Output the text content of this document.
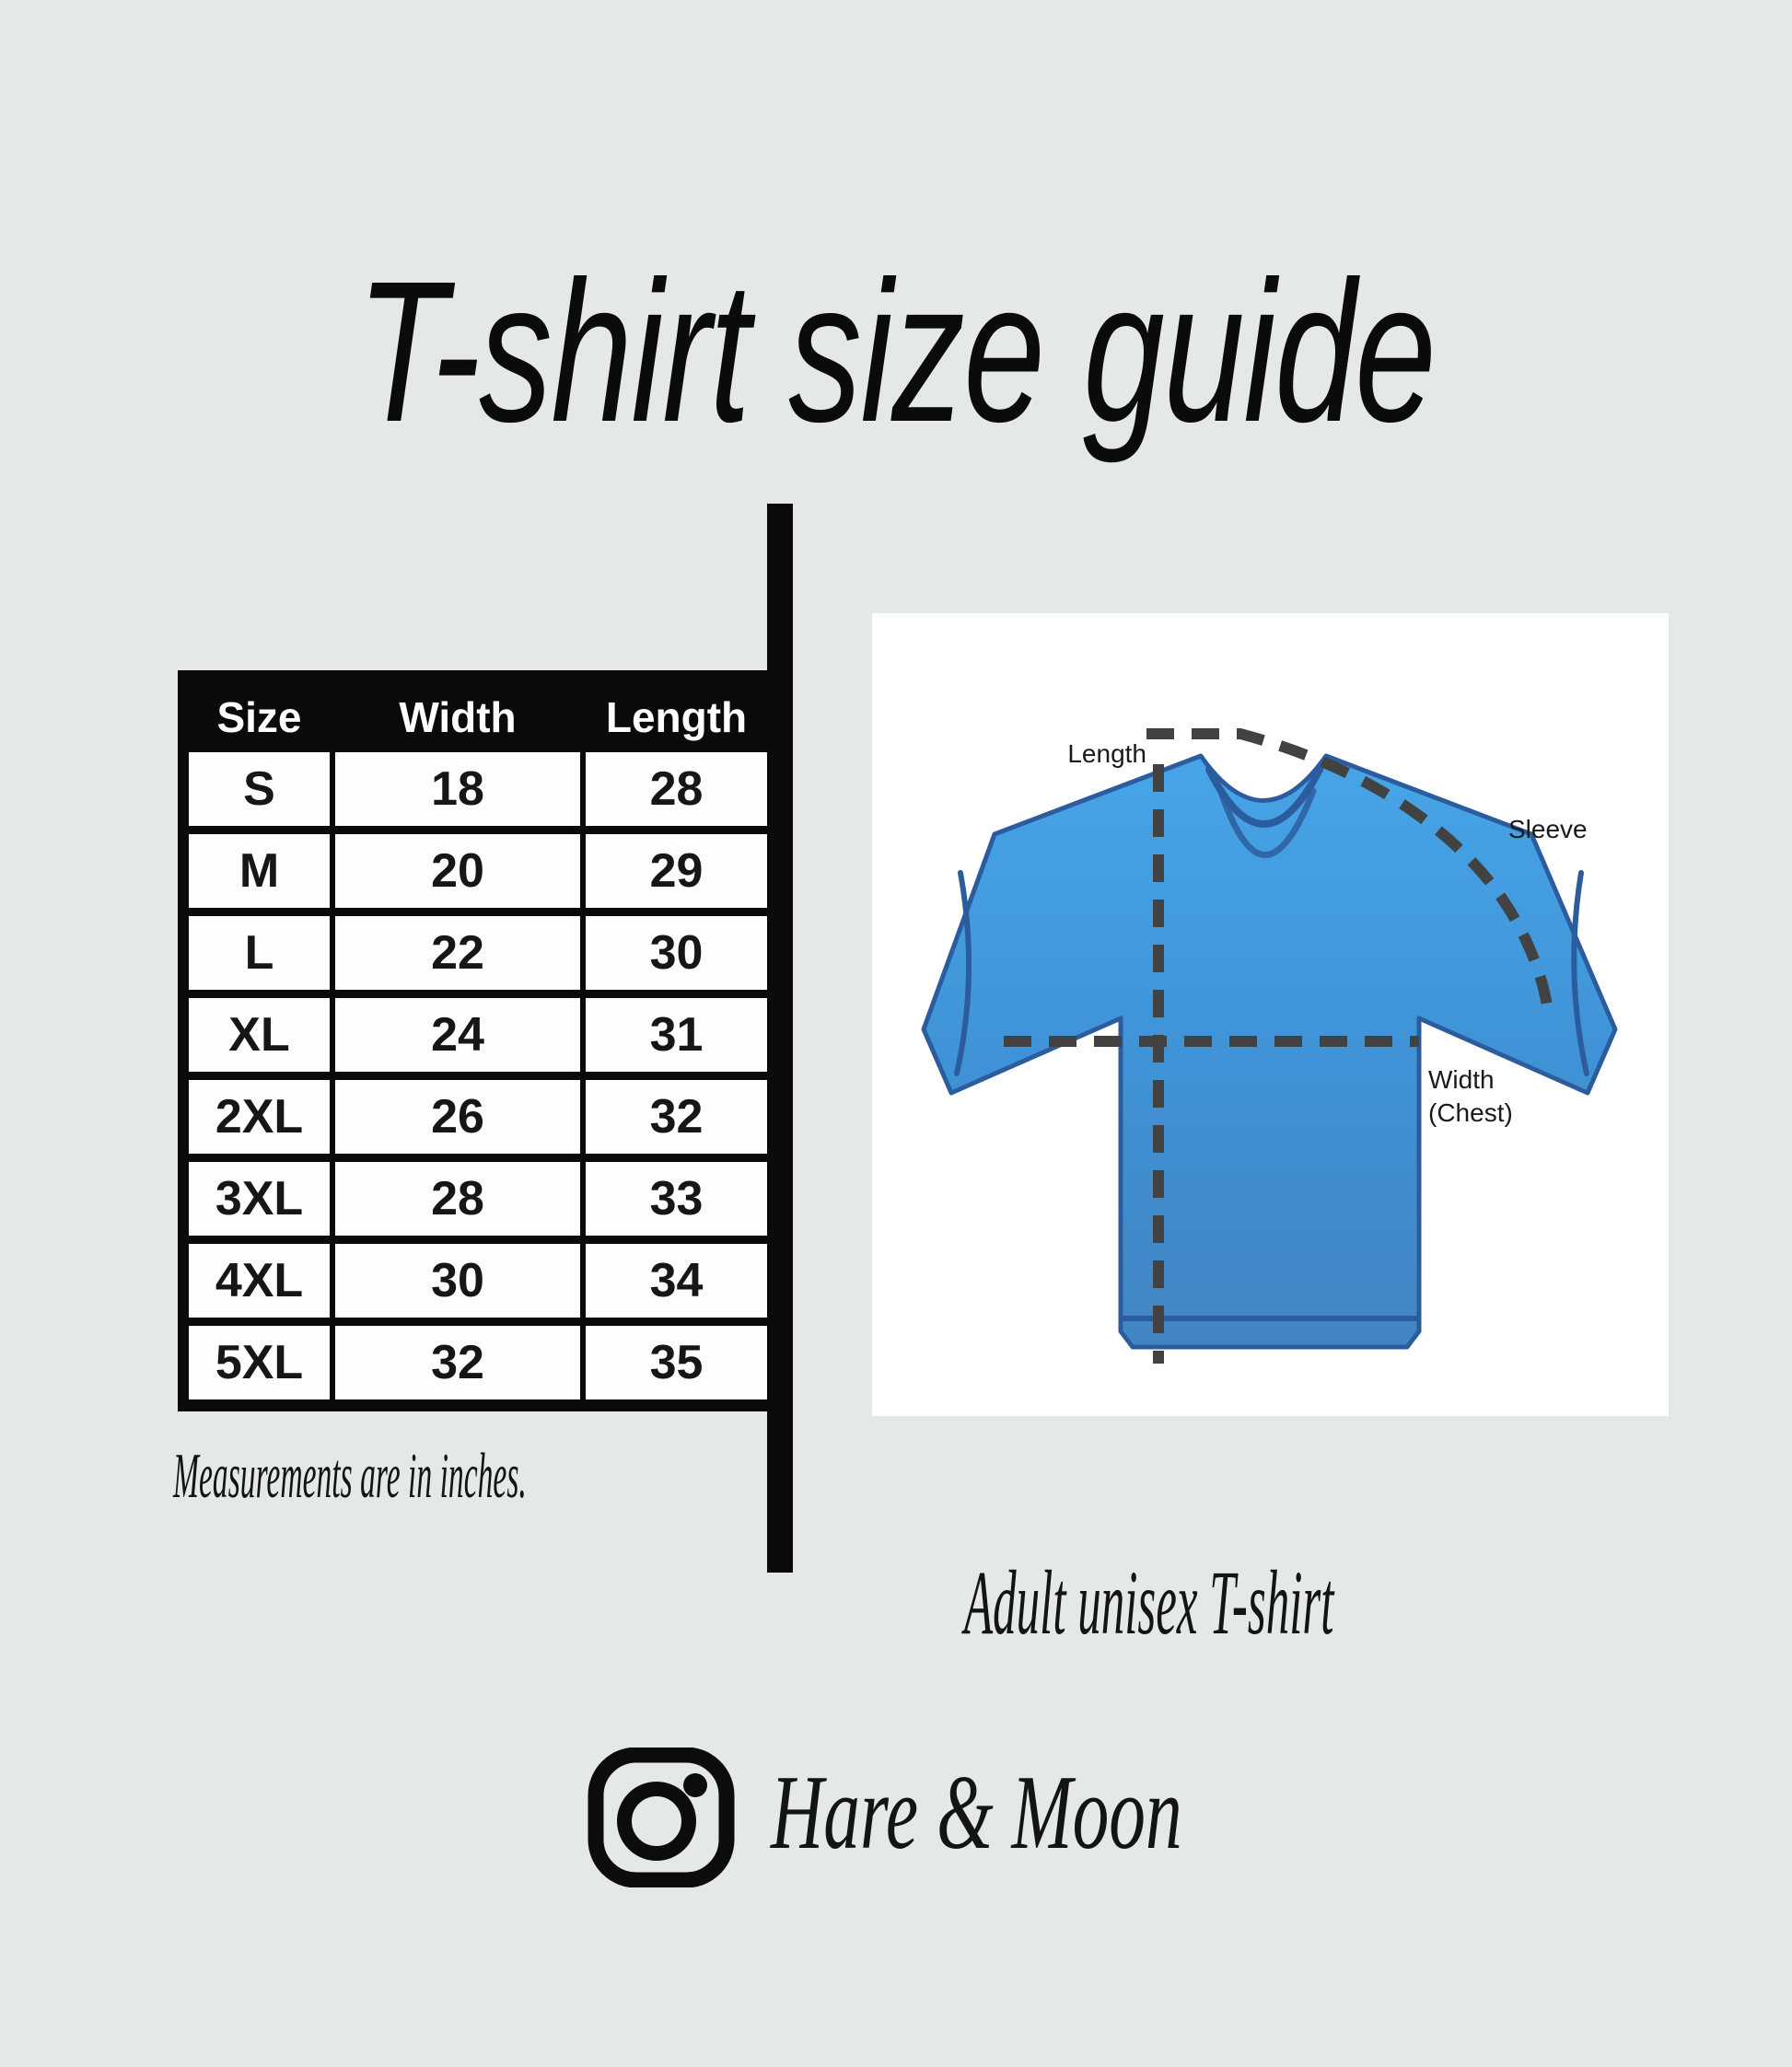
T-shirt size guide
Size	Width	Length
S	18	28
M	20	29
L	22	30
XL	24	31
2XL	26	32
3XL	28	33
4XL	30	34
5XL	32	35
Length
Sleeve
Width
(Chest)
Measurements are in inches.
Adult unisex T-shirt
Hare & Moon
